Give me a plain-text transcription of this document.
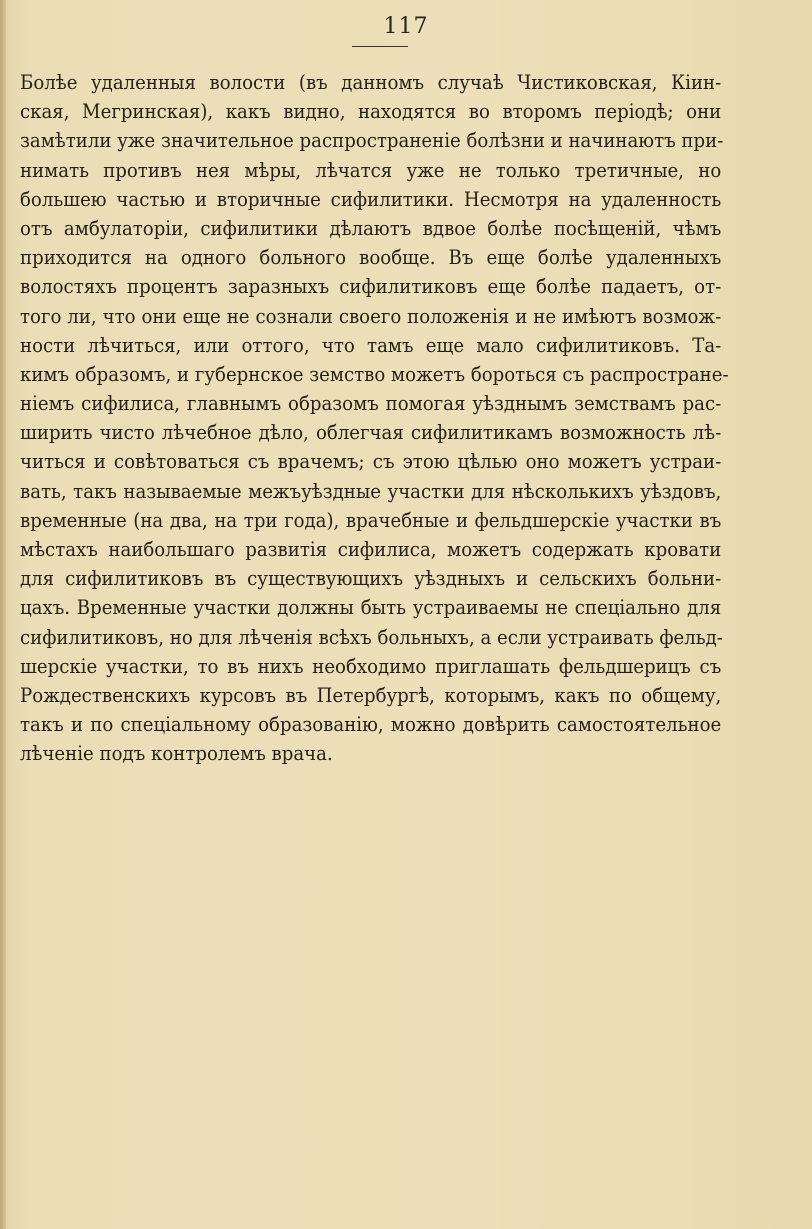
117
Болѣе удаленныя волости (въ данномъ случаѣ Чистиковская, Кіин-
ская, Мегринская), какъ видно, находятся во второмъ періодѣ; они
замѣтили уже значительное распространеніе болѣзни и начинаютъ при-
нимать противъ нея мѣры, лѣчатся уже не только третичные, но
большею частью и вторичные сифилитики. Несмотря на удаленность
отъ амбулаторіи, сифилитики дѣлаютъ вдвое болѣе посѣщеній, чѣмъ
приходится на одного больного вообще. Въ еще болѣе удаленныхъ
волостяхъ процентъ заразныхъ сифилитиковъ еще болѣе падаетъ, от-
того ли, что они еще не сознали своего положенія и не имѣютъ возмож-
ности лѣчиться, или оттого, что тамъ еще мало сифилитиковъ. Та-
кимъ образомъ, и губернское земство можетъ бороться съ распростране-
ніемъ сифилиса, главнымъ образомъ помогая уѣзднымъ земствамъ рас-
ширить чисто лѣчебное дѣло, облегчая сифилитикамъ возможность лѣ-
читься и совѣтоваться съ врачемъ; съ этою цѣлью оно можетъ устраи-
вать, такъ называемые межъуѣздные участки для нѣсколькихъ уѣздовъ,
временные (на два, на три года), врачебные и фельдшерскіе участки въ
мѣстахъ наибольшаго развитія сифилиса, можетъ содержать кровати
для сифилитиковъ въ существующихъ уѣздныхъ и сельскихъ больни-
цахъ. Временные участки должны быть устраиваемы не спеціально для
сифилитиковъ, но для лѣченія всѣхъ больныхъ, а если устраивать фельд-
шерскіе участки, то въ нихъ необходимо приглашать фельдшерицъ съ
Рождественскихъ курсовъ въ Петербургѣ, которымъ, какъ по общему,
такъ и по спеціальному образованію, можно довѣрить самостоятельное
лѣченіе подъ контролемъ врача.
